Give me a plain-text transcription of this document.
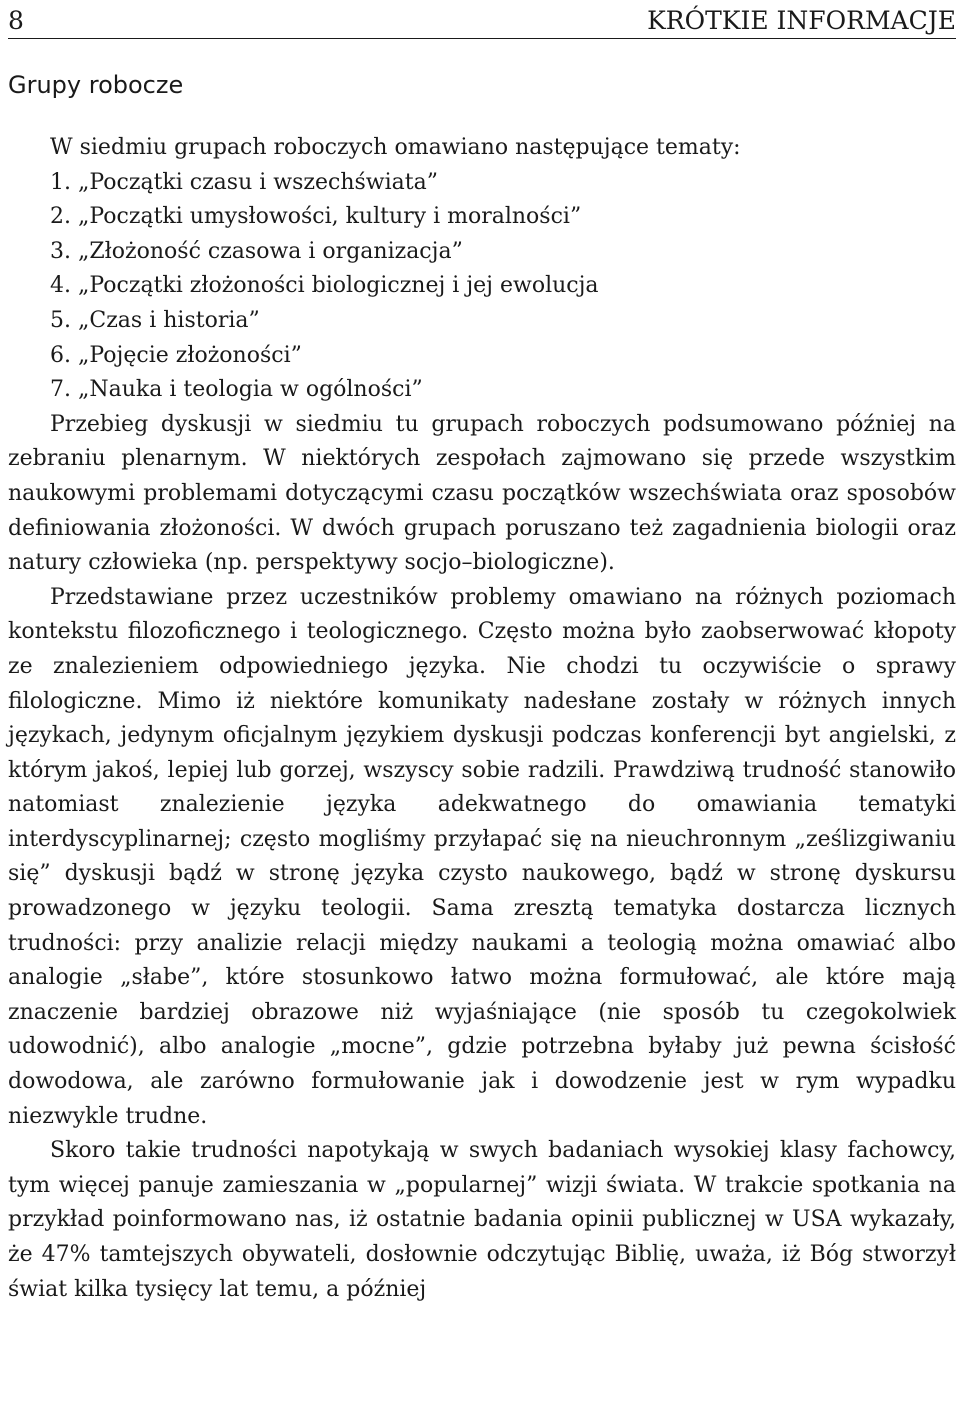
8	KRÓTKIE INFORMACJE
Grupy robocze
W siedmiu grupach roboczych omawiano następujące tematy:
1. „Początki czasu i wszechświata”
2. „Początki umysłowości, kultury i moralności”
3. „Złożoność czasowa i organizacja”
4. „Początki złożoności biologicznej i jej ewolucja
5. „Czas i historia”
6. „Pojęcie złożoności”
7. „Nauka i teologia w ogólności”

Przebieg dyskusji w siedmiu tu grupach roboczych podsumowano później na zebraniu plenarnym. W niektórych zespołach zajmowano się przede wszystkim naukowymi problemami dotyczącymi czasu początków wszechświata oraz sposobów definiowania złożoności. W dwóch grupach poruszano też zagadnienia biologii oraz natury człowieka (np. perspektywy socjo–biologiczne).

Przedstawiane przez uczestników problemy omawiano na różnych poziomach kontekstu filozoficznego i teologicznego. Często można było zaobserwować kłopoty ze znalezieniem odpowiedniego języka. Nie chodzi tu oczywiście o sprawy filologiczne. Mimo iż niektóre komunikaty nadesłane zostały w różnych innych językach, jedynym oficjalnym językiem dyskusji podczas konferencji byt angielski, z którym jakoś, lepiej lub gorzej, wszyscy sobie radzili. Prawdziwą trudność stanowiło natomiast znalezienie języka adekwatnego do omawiania tematyki interdyscyplinarnej; często mogliśmy przyłapać się na nieuchronnym „ześlizgiwaniu się” dyskusji bądź w stronę języka czysto naukowego, bądź w stronę dyskursu prowadzonego w języku teologii. Sama zresztą tematyka dostarcza licznych trudności: przy analizie relacji między naukami a teologią można omawiać albo analogie „słabe”, które stosunkowo łatwo można formułować, ale które mają znaczenie bardziej obrazowe niż wyjaśniające (nie sposób tu czegokolwiek udowodnić), albo analogie „mocne”, gdzie potrzebna byłaby już pewna ścisłość dowodowa, ale zarówno formułowanie jak i dowodzenie jest w rym wypadku niezwykle trudne.

Skoro takie trudności napotykają w swych badaniach wysokiej klasy fachowcy, tym więcej panuje zamieszania w „popularnej” wizji świata. W trakcie spotkania na przykład poinformowano nas, iż ostatnie badania opinii publicznej w USA wykazały, że 47% tamtejszych obywateli, dosłownie odczytując Biblię, uważa, iż Bóg stworzył świat kilka tysięcy lat temu, a później
